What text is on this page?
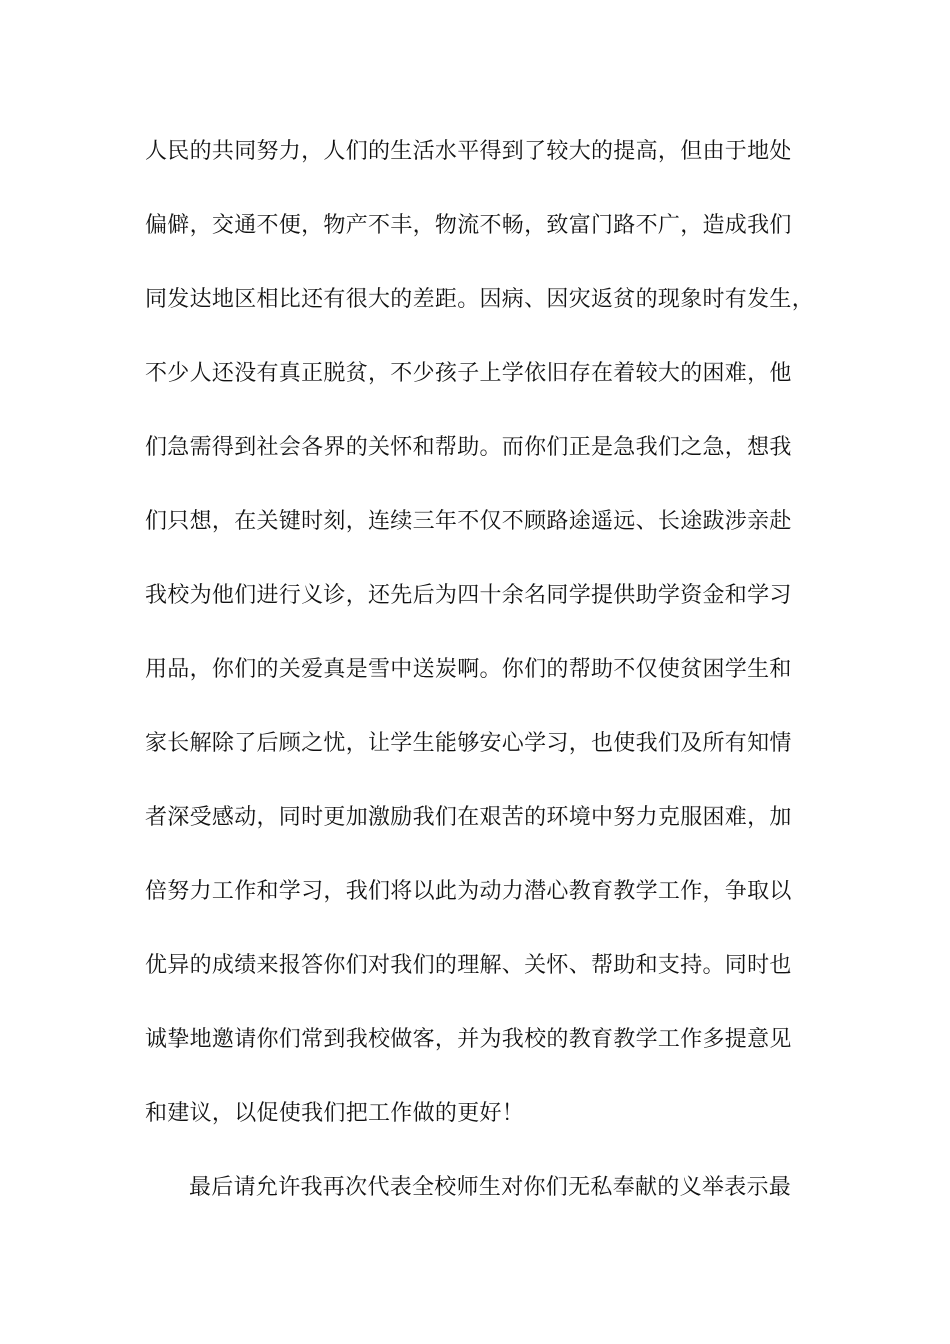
人民的共同努力，人们的生活水平得到了较大的提高，但由于地处
偏僻，交通不便，物产不丰，物流不畅，致富门路不广，造成我们
同发达地区相比还有很大的差距。因病、因灾返贫的现象时有发生，
不少人还没有真正脱贫，不少孩子上学依旧存在着较大的困难，他
们急需得到社会各界的关怀和帮助。而你们正是急我们之急，想我
们只想，在关键时刻，连续三年不仅不顾路途遥远、长途跋涉亲赴
我校为他们进行义诊，还先后为四十余名同学提供助学资金和学习
用品，你们的关爱真是雪中送炭啊。你们的帮助不仅使贫困学生和
家长解除了后顾之忧，让学生能够安心学习，也使我们及所有知情
者深受感动，同时更加激励我们在艰苦的环境中努力克服困难，加
倍努力工作和学习，我们将以此为动力潜心教育教学工作，争取以
优异的成绩来报答你们对我们的理解、关怀、帮助和支持。同时也
诚挚地邀请你们常到我校做客，并为我校的教育教学工作多提意见
和建议，以促使我们把工作做的更好！
最后请允许我再次代表全校师生对你们无私奉献的义举表示最
